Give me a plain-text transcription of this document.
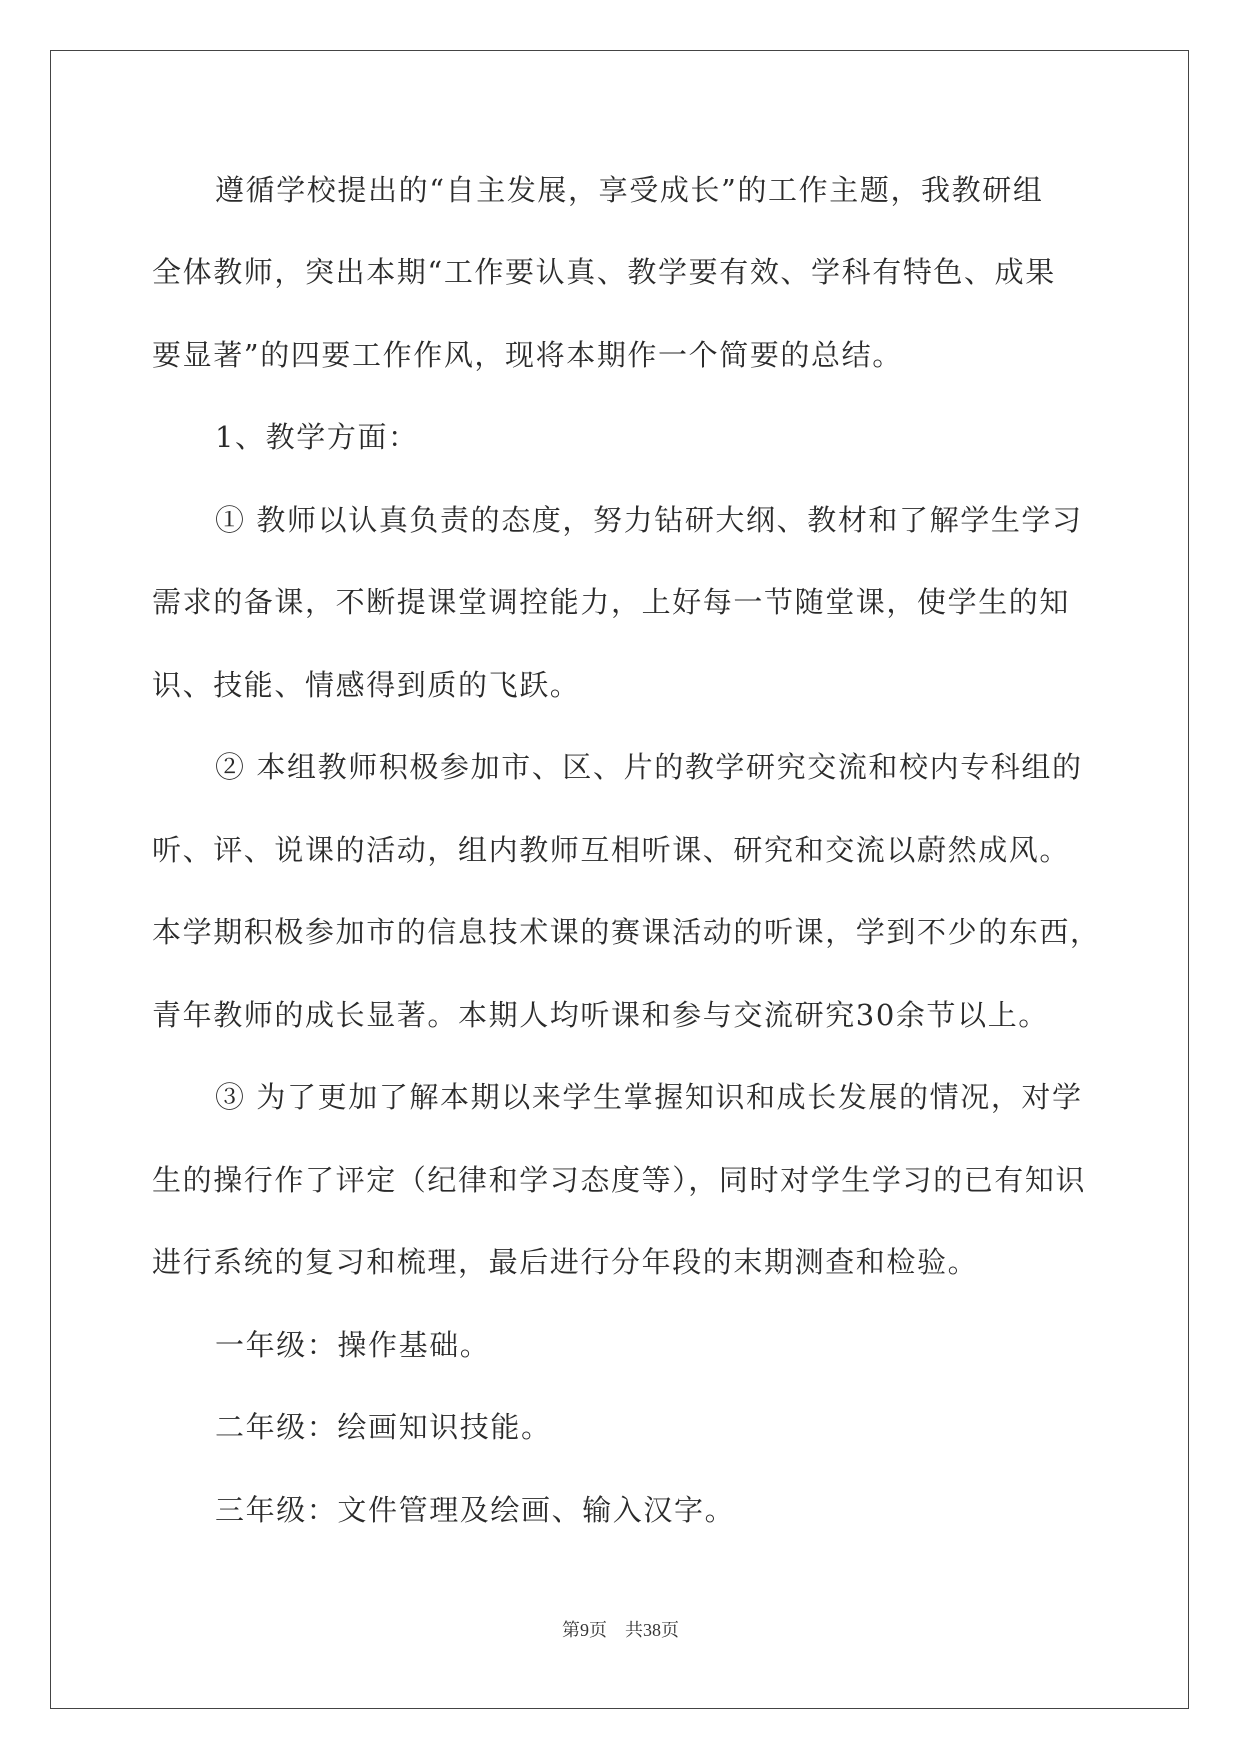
遵循学校提出的“自主发展，享受成长”的工作主题，我教研组
全体教师，突出本期“工作要认真、教学要有效、学科有特色、成果
要显著”的四要工作作风，现将本期作一个简要的总结。
1、教学方面：
① 教师以认真负责的态度，努力钻研大纲、教材和了解学生学习
需求的备课，不断提课堂调控能力，上好每一节随堂课，使学生的知
识、技能、情感得到质的飞跃。
② 本组教师积极参加市、区、片的教学研究交流和校内专科组的
听、评、说课的活动，组内教师互相听课、研究和交流以蔚然成风。
本学期积极参加市的信息技术课的赛课活动的听课，学到不少的东西，
青年教师的成长显著。本期人均听课和参与交流研究30余节以上。
③ 为了更加了解本期以来学生掌握知识和成长发展的情况，对学
生的操行作了评定（纪律和学习态度等），同时对学生学习的已有知识
进行系统的复习和梳理，最后进行分年段的末期测查和检验。
一年级：操作基础。
二年级：绘画知识技能。
三年级：文件管理及绘画、输入汉字。
第9页　共38页
